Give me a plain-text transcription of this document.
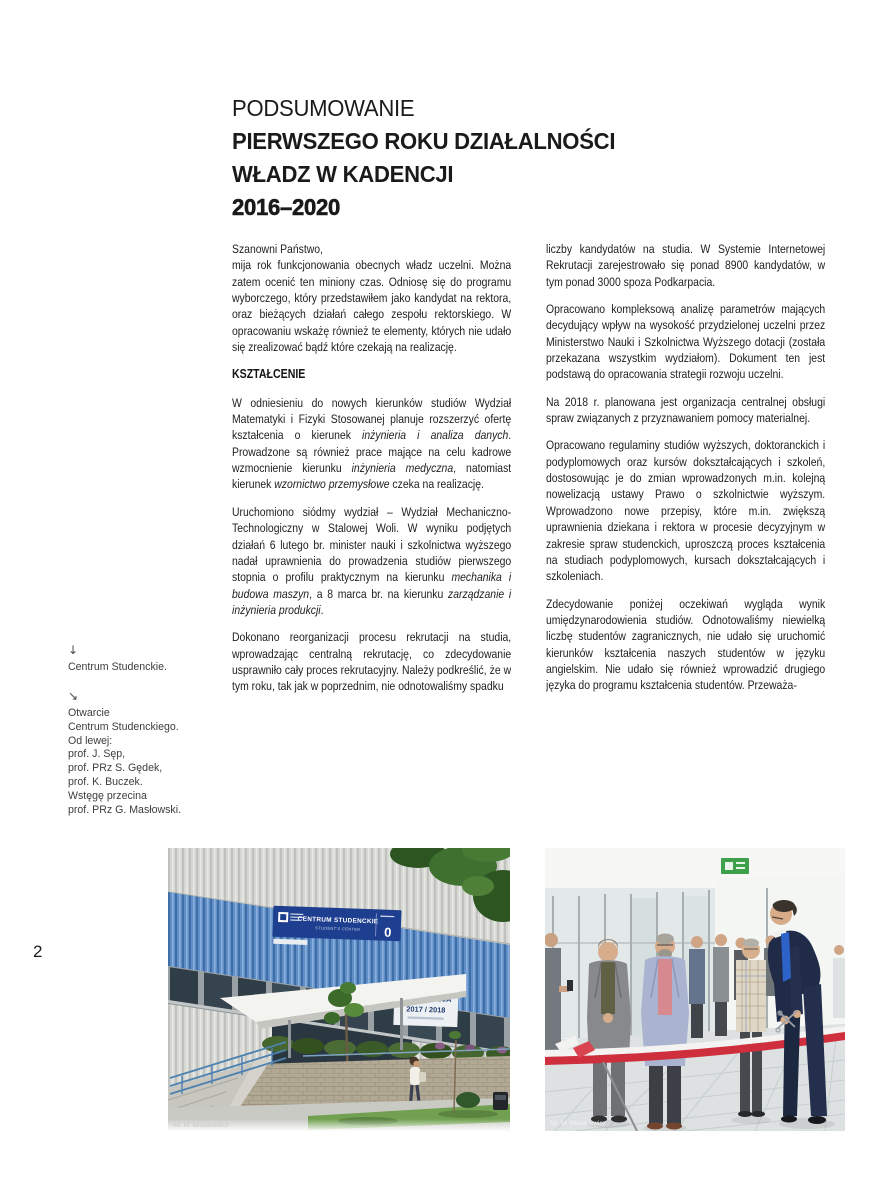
2
PODSUMOWANIE
PIERWSZEGO ROKU DZIAŁALNOŚCI
WŁADZ W KADENCJI
2016–2020

Szanowni Państwo,
mija rok funkcjonowania obecnych władz uczelni. Można zatem ocenić ten miniony czas. Odniosę się do programu wyborczego, który przedstawiłem jako kandydat na rektora, oraz bieżących działań całego zespołu rektorskiego. W opracowaniu wskażę również te elementy, których nie udało się zrealizować bądź które czekają na realizację.

KSZTAŁCENIE

W odniesieniu do nowych kierunków studiów Wydział Matematyki i Fizyki Stosowanej planuje rozszerzyć ofertę kształcenia o kierunek inżynieria i analiza danych. Prowadzone są również prace mające na celu kadrowe wzmocnienie kierunku inżynieria medyczna, natomiast kierunek wzornictwo przemysłowe czeka na realizację.

Uruchomiono siódmy wydział – Wydział Mechaniczno-Technologiczny w Stalowej Woli. W wyniku podjętych działań 6 lutego br. minister nauki i szkolnictwa wyższego nadał uprawnienia do prowadzenia studiów pierwszego stopnia o profilu praktycznym na kierunku mechanika i budowa maszyn, a 8 marca br. na kierunku zarządzanie i inżynieria produkcji.

Dokonano reorganizacji procesu rekrutacji na studia, wprowadzając centralną rekrutację, co zdecydowanie usprawniło cały proces rekrutacyjny. Należy podkreślić, że w tym roku, tak jak w poprzednim, nie odnotowaliśmy spadku

liczby kandydatów na studia. W Systemie Internetowej Rekrutacji zarejestrowało się ponad 8900 kandydatów, w tym ponad 3000 spoza Podkarpacia.

Opracowano kompleksową analizę parametrów mających decydujący wpływ na wysokość przydzielonej uczelni przez Ministerstwo Nauki i Szkolnictwa Wyższego dotacji (została przekazana wszystkim wydziałom). Dokument ten jest podstawą do opracowania strategii rozwoju uczelni.

Na 2018 r. planowana jest organizacja centralnej obsługi spraw związanych z przyznawaniem pomocy materialnej.

Opracowano regulaminy studiów wyższych, doktoranckich i podyplomowych oraz kursów dokształcających i szkoleń, dostosowując je do zmian wprowadzonych m.in. kolejną nowelizacją ustawy Prawo o szkolnictwie wyższym. Wprowadzono nowe przepisy, które m.in. zwiększą uprawnienia dziekana i rektora w procesie decyzyjnym w zakresie spraw studenckich, uproszczą proces kształcenia na studiach podyplomowych, kursach dokształcających i szkoleniach.

Zdecydowanie poniżej oczekiwań wygląda wynik umiędzynarodowienia studiów. Odnotowaliśmy niewielką liczbę studentów zagranicznych, nie udało się uruchomić kierunków kształcenia naszych studentów w języku angielskim. Nie udało się również wprowadzić drugiego języka do programu kształcenia studentów. Przeważa-

↓
Centrum Studenckie.
↘
Otwarcie
Centrum Studenckiego.
Od lewej:
prof. J. Sęp,
prof. PRz S. Gędek,
prof. K. Buczek.
Wstęgę przecina
prof. PRz G. Masłowski.
CENTRUM STUDENCKIE
STUDENT'S CENTER 0
2017 / 2018
fot. M. Misiakiewicz	fot. M. Misiakiewicz
